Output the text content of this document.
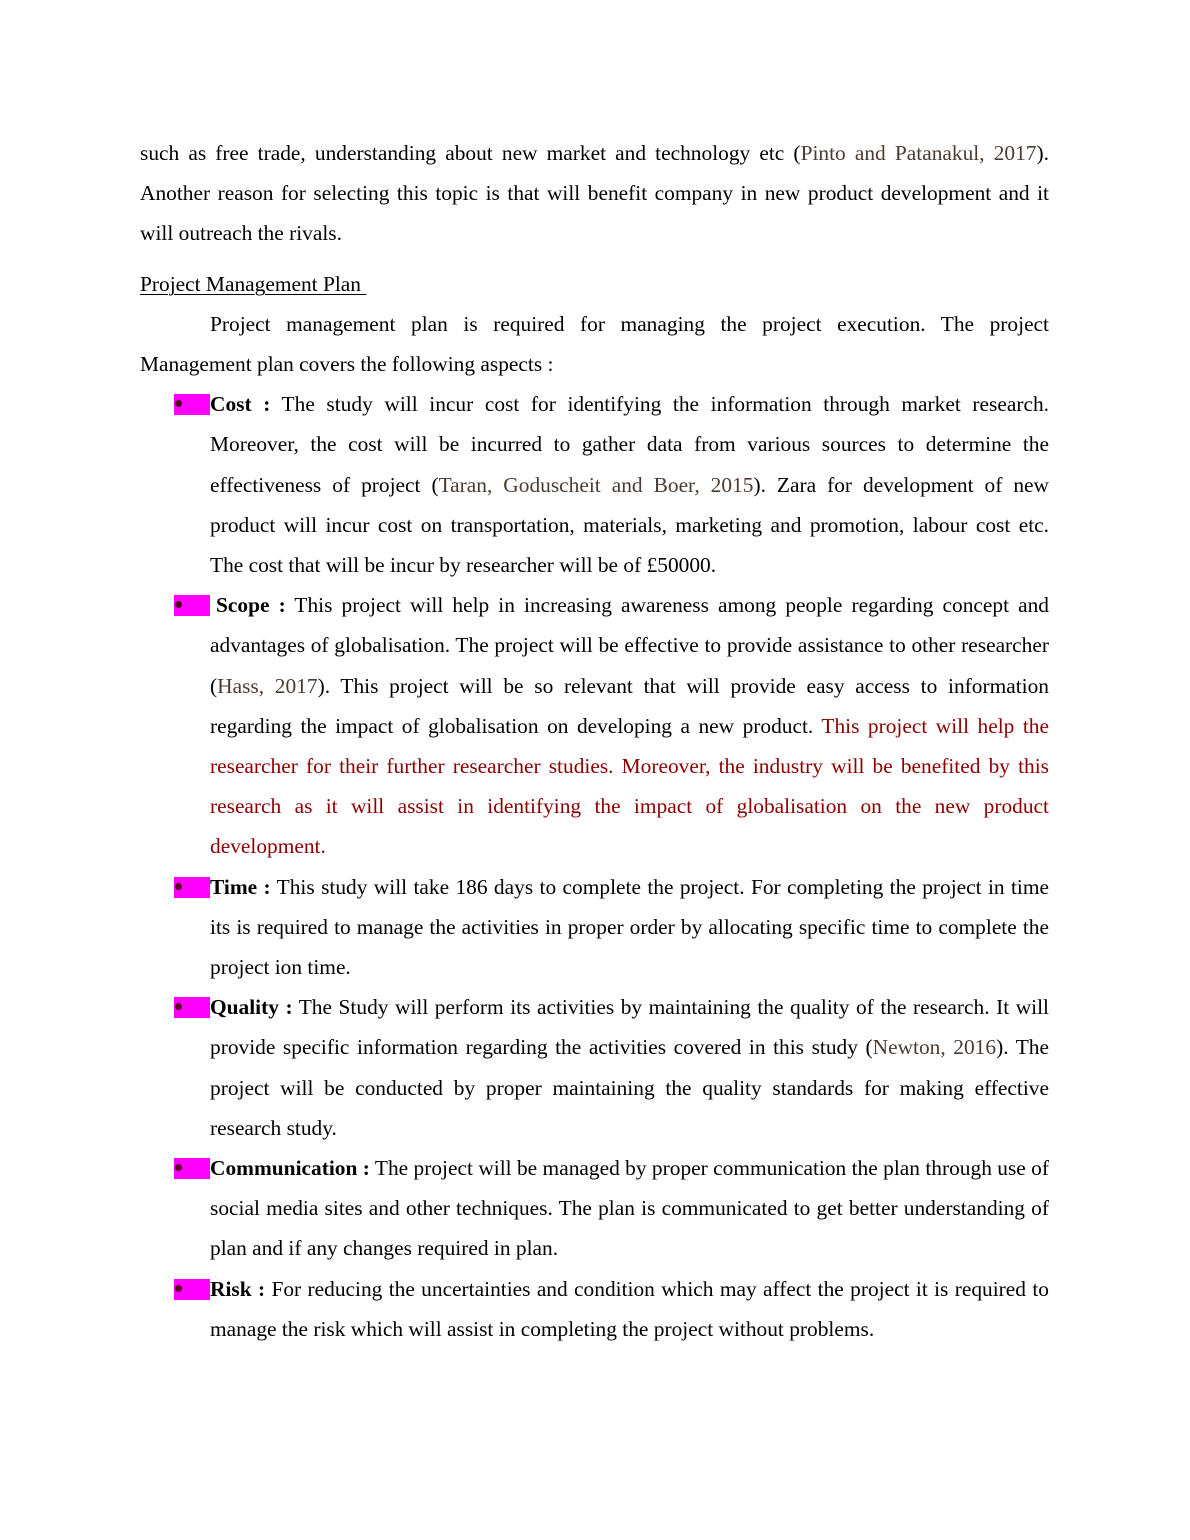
such as free trade, understanding about new market and technology etc (Pinto and Patanakul, 2017). Another reason for selecting this topic is that will benefit company in new product development and it will outreach the rivals.

Project Management Plan

Project management plan is required for managing the project execution. The project Management plan covers the following aspects :

Cost : The study will incur cost for identifying the information through market research. Moreover, the cost will be incurred to gather data from various sources to determine the effectiveness of project (Taran, Goduscheit and Boer, 2015). Zara for development of new product will incur cost on transportation, materials, marketing and promotion, labour cost etc. The cost that will be incur by researcher will be of £50000.
Scope : This project will help in increasing awareness among people regarding concept and advantages of globalisation. The project will be effective to provide assistance to other researcher (Hass, 2017). This project will be so relevant that will provide easy access to information regarding the impact of globalisation on developing a new product. This project will help the researcher for their further researcher studies. Moreover, the industry will be benefited by this research as it will assist in identifying the impact of globalisation on the new product development.
Time : This study will take 186 days to complete the project. For completing the project in time its is required to manage the activities in proper order by allocating specific time to complete the project ion time.
Quality : The Study will perform its activities by maintaining the quality of the research. It will provide specific information regarding the activities covered in this study (Newton, 2016). The project will be conducted by proper maintaining the quality standards for making effective research study.
Communication : The project will be managed by proper communication the plan through use of social media sites and other techniques. The plan is communicated to get better understanding of plan and if any changes required in plan.
Risk : For reducing the uncertainties and condition which may affect the project it is required to manage the risk which will assist in completing the project without problems.
